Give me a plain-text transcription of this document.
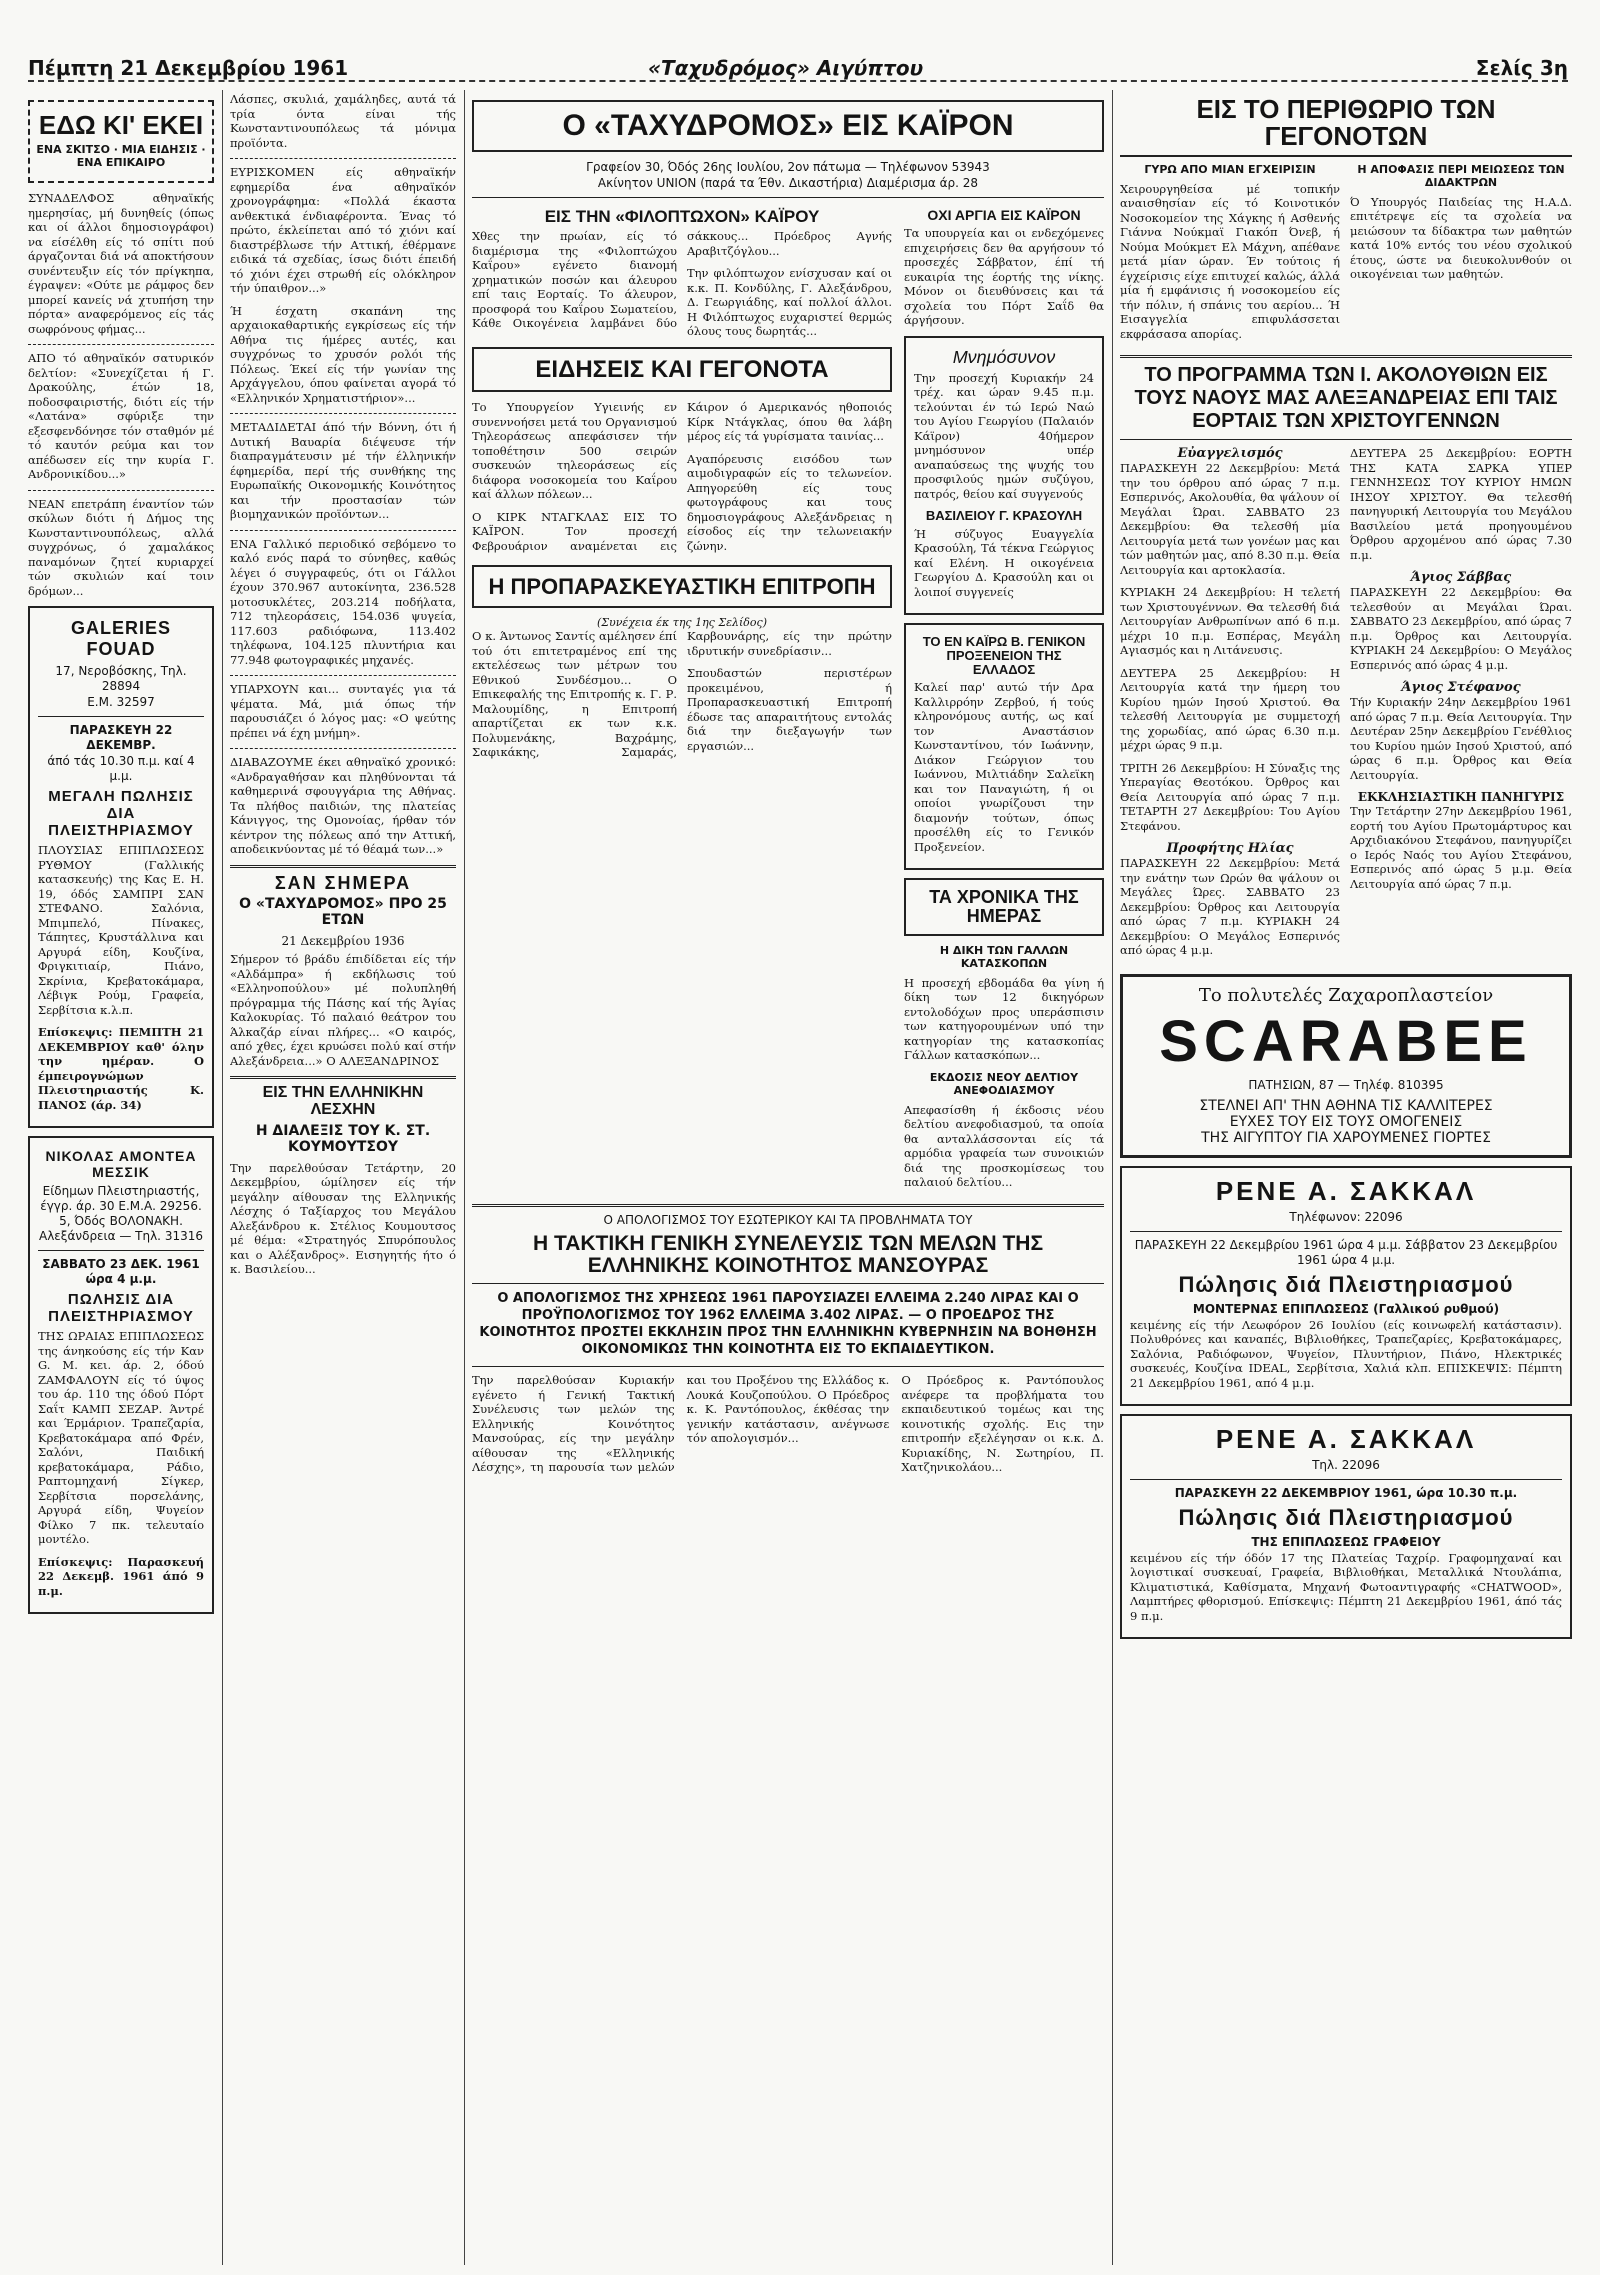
Πέμπτη 21 Δεκεμβρίου 1961	«Ταχυδρόμος» Αιγύπτου	Σελίς 3η
ΕΔΩ ΚΙ' ΕΚΕΙ
ΕΝΑ ΣΚΙΤΣΟ · ΜΙΑ ΕΙΔΗΣΙΣ · ΕΝΑ ΕΠΙΚΑΙΡΟ

ΣΥΝΑΔΕΛΦΟΣ αθηναϊκής ημερησίας, μή δυνηθείς (όπως και οί άλλοι δημοσιογράφοι) να είσέλθη είς τό σπίτι πού άργαζονται διά νά αποκτήσουν συνέντευξιν είς τόν πρίγκηπα, έγραψεν: «Ούτε με ράμφος δεν μπορεί κανείς νά χτυπήση την πόρτα» αναφερόμενος είς τάς σωφρόνους φήμας...

ΑΠΟ τό αθηναϊκόν σατυρικόν δελτίον: «Συνεχίζεται ή Γ. Δρακούλης, έτών 18, ποδοσφαιριστής, διότι είς τήν «Λατάνα» σφύριξε την εξεσφενδόνησε τόν σταθμόν μέ τό καυτόν ρεύμα και τον απέδωσεν είς την κυρία Γ. Ανδρονικίδου...»

ΝΕΑΝ επετράπη έναντίον τών σκύλων διότι ή Δήμος της Κωνσταντινουπόλεως, αλλά συγχρόνως, ό χαμαλάκος παναμόνων ζητεί κυριαρχεί τών σκυλιών καί τοιν δρόμων...

GALERIES FOUAD
17, Νεροβόσκης, Τηλ. 28894
Ε.Μ. 32597
ΠΑΡΑΣΚΕΥΗ 22 ΔΕΚΕΜΒΡ.
άπό τάς 10.30 π.μ. καί 4 μ.μ.
ΜΕΓΑΛΗ ΠΩΛΗΣΙΣ ΔΙΑ ΠΛΕΙΣΤΗΡΙΑΣΜΟΥ

ΠΛΟΥΣΙΑΣ ΕΠΙΠΛΩΣΕΩΣ ΡΥΘΜΟΥ (Γαλλικής κατασκευής) της Κας Ε. Η. 19, όδός ΣΑΜΠΡΙ ΣΑΝ ΣΤΕΦΑΝΟ. Σαλόνια, Μπιμπελό, Πίνακες, Τάπητες, Κρυστάλλινα και Αργυρά είδη, Κουζίνα, Φριγκιτιαίρ, Πιάνο, Σκρίνια, Κρεβατοκάμαρα, Λέβιγκ Ρούμ, Γραφεία, Σερβίτσια κ.λ.π.

Επίσκεψις: ΠΕΜΠΤΗ 21 ΔΕΚΕΜΒΡΙΟΥ καθ' όλην την ημέραν. Ο έμπειρογνώμων Πλειστηριαστής Κ. ΠΑΝΟΣ (άρ. 34)

ΝΙΚΟΛΑΣ ΑΜΟΝΤΕΑ ΜΕΣΣΙΚ
Είδημων Πλειστηριαστής, έγγρ. άρ. 30 Ε.Μ.Α. 29256. 5, Όδός ΒΟΛΟΝΑΚΗ. Αλεξάνδρεια — Τηλ. 31316
ΣΑΒΒΑΤΟ 23 ΔΕΚ. 1961 ώρα 4 μ.μ.
ΠΩΛΗΣΙΣ ΔΙΑ ΠΛΕΙΣΤΗΡΙΑΣΜΟΥ

ΤΗΣ ΩΡΑΙΑΣ ΕΠΙΠΛΩΣΕΩΣ της άνηκούσης είς τήν Καν G. M. κει. άρ. 2, όδού ΖΑΜΦΑΛΟΥΝ είς τό ύψος του άρ. 110 της όδού Πόρτ Σαΐτ ΚΑΜΠ ΣΕΖΑΡ. Άντρέ και Έρμάριον. Τραπεζαρία, Κρεβατοκάμαρα από Φρέν, Σαλόνι, Παιδική κρεβατοκάμαρα, Ράδιο, Ραπτομηχανή Σίγκερ, Σερβίτσια πορσελάνης, Αργυρά είδη, Ψυγείον Φίλκο 7 πκ. τελευταίο μοντέλο.

Επίσκεψις: Παρασκευή 22 Δεκεμβ. 1961 άπό 9 π.μ.

Λάσπες, σκυλιά, χαμάληδες, αυτά τά τρία όντα είναι τής Κωνσταντινουπόλεως τά μόνιμα προϊόντα.

ΕΥΡΙΣΚΟΜΕΝ είς αθηναϊκήν εφημερίδα ένα αθηναϊκόν χρονογράφημα: «Πολλά έκαστα ανθεκτικά ένδιαφέροντα. Ένας τό πρώτο, έκλείπεται από τό χιόνι καί διαστρέβλωσε τήν Αττική, έθέρμανε ειδικά τά σχεδίας, ίσως διότι έπειδή τό χιόνι έχει στρωθή είς ολόκληρον τήν ύπαιθρον...»

Ή έσχατη σκαπάνη της αρχαιοκαθαρτικής εγκρίσεως είς τήν Αθήνα τις ήμέρες αυτές, και συγχρόνως το χρυσόν ρολόι τής Πόλεως. Έκεί είς τήν γωνίαν της Αρχάγγελου, όπου φαίνεται αγορά τό «Ελληνικόν Χρηματιστήριον»...

ΜΕΤΑΔΙΔΕΤΑΙ άπό τήν Βόννη, ότι ή Δυτική Βαυαρία διέψευσε τήν διαπραγμάτευσιν μέ τήν έλληνικήν έφημερίδα, περί τής συνθήκης της Ευρωπαϊκής Οικονομικής Κοινότητος και τήν προστασίαν τών βιομηχανικών προϊόντων...

ΕΝΑ Γαλλικό περιοδικό σεβόμενο το καλό ενός παρά το σύνηθες, καθώς λέγει ό συγγραφεύς, ότι οι Γάλλοι έχουν 370.967 αυτοκίνητα, 236.528 μοτοσυκλέτες, 203.214 ποδήλατα, 712 τηλεοράσεις, 154.036 ψυγεία, 117.603 ραδιόφωνα, 113.402 τηλέφωνα, 104.125 πλυντήρια και 77.948 φωτογραφικές μηχανές.

ΥΠΑΡΧΟΥΝ και... συνταγές για τά ψέματα. Μά, μιά όπως τήν παρουσιάζει ό λόγος μας: «Ο ψεύτης πρέπει νά έχη μνήμη».

ΔΙΑΒΑΖΟΥΜΕ έκει αθηναϊκό χρονικό: «Ανδραγαθήσαν και πληθύνονται τά καθημερινά σφουγγάρια της Αθήνας. Τα πλήθος παιδιών, της πλατείας Κάνιγγος, της Ομονοίας, ήρθαν τόν κέντρον της πόλεως από την Αττική, αποδεικνύοντας μέ τό θέαμά των...»

ΣΑΝ ΣΗΜΕΡΑ
Ο «ΤΑΧΥΔΡΟΜΟΣ» ΠΡΟ 25 ΕΤΩΝ
21 Δεκεμβρίου 1936

Σήμερον τό βράδυ έπιδίδεται είς τήν «Αλδάμπρα» ή εκδήλωσις τού «Ελληνοπούλου» μέ πολυπληθή πρόγραμμα τής Πάσης καί τής Άγίας Καλοκυρίας. Τό παλαιό θεάτρον του Άλκαζάρ είναι πλήρες... «Ο καιρός, από χθες, έχει κρυώσει πολύ καί στήν Αλεξάνδρεια...» Ο ΑΛΕΞΑΝΔΡΙΝΟΣ

ΕΙΣ ΤΗΝ ΕΛΛΗΝΙΚΗΝ ΛΕΣΧΗΝ
Η ΔΙΑΛΕΞΙΣ ΤΟΥ Κ. ΣΤ. ΚΟΥΜΟΥΤΣΟΥ

Την παρελθούσαν Τετάρτην, 20 Δεκεμβρίου, ώμίλησεν είς τήν μεγάλην αίθουσαν της Ελληνικής Λέσχης ό Ταξίαρχος του Μεγάλου Αλεξάνδρου κ. Στέλιος Κουμουτσος μέ θέμα: «Στρατηγός Σπυρόπουλος και ο Αλέξανδρος». Εισηγητής ήτο ό κ. Βασιλείου...

Ο «ΤΑΧΥΔΡΟΜΟΣ» ΕΙΣ ΚΑΪΡΟΝ
Γραφείον 30, Όδός 26ης Ιουλίου, 2ον πάτωμα — Τηλέφωνον 53943
Ακίνητον UNION (παρά τα Έθν. Δικαστήρια) Διαμέρισμα άρ. 28
ΕΙΣ ΤΗΝ «ΦΙΛΟΠΤΩΧΟΝ» ΚΑΪΡΟΥ

Χθες την πρωίαν, είς τό διαμέρισμα της «Φιλοπτώχου Καΐρου» εγένετο διανομή χρηματικών ποσών και άλευρου επί ταις Εορταίς. Το άλευρον, προσφορά του Καΐρου Σωματείου, Κάθε Οικογένεια λαμβάνει δύο σάκκους... Πρόεδρος Αγνής Αραβιτζόγλου...

Την φιλόπτωχον ενίσχυσαν καί οι κ.κ. Π. Κονδύλης, Γ. Αλεξάνδρου, Δ. Γεωργιάδης, καί πολλοί άλλοι. Η Φιλόπτωχος ευχαριστεί θερμώς όλους τους δωρητάς...

ΕΙΔΗΣΕΙΣ ΚΑΙ ΓΕΓΟΝΟΤΑ

Το Υπουργείον Υγιεινής εν συνεννοήσει μετά του Οργανισμού Τηλεοράσεως απεφάσισεν τήν τοποθέτησιν 500 σειρών συσκευών τηλεοράσεως είς διάφορα νοσοκομεία του Καΐρου καί άλλων πόλεων...

Ο ΚΙΡΚ ΝΤΑΓΚΛΑΣ ΕΙΣ ΤΟ ΚΑΪΡΟΝ. Τον προσεχή Φεβρουάριον αναμένεται εις Κάιρον ό Αμερικανός ηθοποιός Κίρκ Ντάγκλας, όπου θα λάβη μέρος είς τά γυρίσματα ταινίας...

Αγαπόρευσις εισόδου των αιμοδιγραφών είς το τελωνείον. Απηγορεύθη είς τους φωτογράφους και τους δημοσιογράφους Αλεξάνδρειας η είσοδος είς την τελωνειακήν ζώνην.

Η ΠΡΟΠΑΡΑΣΚΕΥΑΣΤΙΚΗ ΕΠΙΤΡΟΠΗ
(Συνέχεια έκ της 1ης Σελίδος)

Ο κ. Άντωνος Σαντίς αμέλησεν έπί τού ότι επιτετραμένος επί της εκτελέσεως των μέτρων του Εθνικού Συνδέσμου... Ο Επικεφαλής της Επιτροπής κ. Γ. Ρ. Μαλουμίδης, η Επιτροπή απαρτίζεται εκ των κ.κ. Πολυμενάκης, Βαχράμης, Σαφικάκης, Σαμαράς, Καρβουνάρης, είς την πρώτην ιδρυτικήν συνεδρίασιν...

Σπουδαστών περιστέρων προκειμένου, ή Προπαρασκευαστική Επιτροπή έδωσε τας απαραιτήτους εντολάς διά την διεξαγωγήν των εργασιών...

ΟΧΙ ΑΡΓΙΑ ΕΙΣ ΚΑΪΡΟΝ

Τα υπουργεία και οι ενδεχόμενες επιχειρήσεις δεν θα αργήσουν τό προσεχές Σάββατον, έπί τή ευκαιρία της έορτής της νίκης. Μόνον οι διευθύνσεις και τά σχολεία του Πόρτ Σαΐδ θα άργήσουν.

Μνημόσυνον

Την προσεχή Κυριακήν 24 τρέχ. και ώραν 9.45 π.μ. τελούνται έν τώ Ιερώ Ναώ του Αγίου Γεωργίου (Παλαιόν Κάϊρον) 40ήμερον μνημόσυνον υπέρ αναπαύσεως της ψυχής του προσφιλούς ημών συζύγου, πατρός, θείου καί συγγενούς

ΒΑΣΙΛΕΙΟΥ Γ. ΚΡΑΣΟΥΛΗ

Ή σύζυγος Ευαγγελία Κρασούλη, Τά τέκνα Γεώργιος καί Ελένη. Η οικογένεια Γεωργίου Δ. Κρασούλη και οι λοιποί συγγενείς

ΤΟ ΕΝ ΚΑΪΡΩ Β. ΓΕΝΙΚΟΝ ΠΡΟΞΕΝΕΙΟΝ ΤΗΣ ΕΛΛΑΔΟΣ

Καλεί παρ' αυτώ τήν Δρα Καλλιρρόην Ζερβού, ή τούς κληρονόμους αυτής, ως καί τον Αναστάσιον Κωνσταντίνου, τόν Ιωάννην, Διάκον Γεώργιον του Ιωάννου, Μιλτιάδην Σαλεϊκη και τον Παναγιώτη, ή οι οποίοι γνωρίζουσι την διαμονήν τούτων, όπως προσέλθη είς το Γενικόν Προξενείον.

ΤΑ ΧΡΟΝΙΚΑ ΤΗΣ ΗΜΕΡΑΣ
Η ΔΙΚΗ ΤΩΝ ΓΑΛΛΩΝ ΚΑΤΑΣΚΟΠΩΝ

Η προσεχή εβδομάδα θα γίνη ή δίκη των 12 δικηγόρων εντολοδόχων προς υπεράσπισιν των κατηγορουμένων υπό την κατηγορίαν της κατασκοπίας Γάλλων κατασκόπων...

ΕΚΔΟΣΙΣ ΝΕΟΥ ΔΕΛΤΙΟΥ ΑΝΕΦΟΔΙΑΣΜΟΥ

Απεφασίσθη ή έκδοσις νέου δελτίου ανεφοδιασμού, τα οποία θα ανταλλάσσονται είς τά αρμόδια γραφεία των συνοικιών διά της προσκομίσεως του παλαιού δελτίου...

Ο ΑΠΟΛΟΓΙΣΜΟΣ ΤΟΥ ΕΣΩΤΕΡΙΚΟΥ ΚΑΙ ΤΑ ΠΡΟΒΛΗΜΑΤΑ ΤΟΥ
Η ΤΑΚΤΙΚΗ ΓΕΝΙΚΗ ΣΥΝΕΛΕΥΣΙΣ ΤΩΝ ΜΕΛΩΝ ΤΗΣ ΕΛΛΗΝΙΚΗΣ ΚΟΙΝΟΤΗΤΟΣ ΜΑΝΣΟΥΡΑΣ

Ο ΑΠΟΛΟΓΙΣΜΟΣ ΤΗΣ ΧΡΗΣΕΩΣ 1961 ΠΑΡΟΥΣΙΑΖΕΙ ΕΛΛΕΙΜΑ 2.240 ΛΙΡΑΣ ΚΑΙ Ο ΠΡΟΫΠΟΛΟΓΙΣΜΟΣ ΤΟΥ 1962 ΕΛΛΕΙΜΑ 3.402 ΛΙΡΑΣ. — Ο ΠΡΟΕΔΡΟΣ ΤΗΣ ΚΟΙΝΟΤΗΤΟΣ ΠΡΟΣΤΕΙ ΕΚΚΛΗΣΙΝ ΠΡΟΣ ΤΗΝ ΕΛΛΗΝΙΚΗΝ ΚΥΒΕΡΝΗΣΙΝ ΝΑ ΒΟΗΘΗΣΗ ΟΙΚΟΝΟΜΙΚΩΣ ΤΗΝ ΚΟΙΝΟΤΗΤΑ ΕΙΣ ΤΟ ΕΚΠΑΙΔΕΥΤΙΚΟΝ.

Την παρελθούσαν Κυριακήν εγένετο ή Γενική Τακτική Συνέλευσις των μελών της Ελληνικής Κοινότητος Μανσούρας, είς την μεγάλην αίθουσαν της «Ελληνικής Λέσχης», τη παρουσία των μελών και του Προξένου της Ελλάδος κ. Λουκά Κουζοπούλου. Ο Πρόεδρος κ. Κ. Ραντόπουλος, έκθέσας την γενικήν κατάστασιν, ανέγνωσε τόν απολογισμόν...

Ο Πρόεδρος κ. Ραντόπουλος ανέφερε τα προβλήματα του εκπαιδευτικού τομέως και της κοινοτικής σχολής. Εις την επιτροπήν εξελέγησαν οι κ.κ. Δ. Κυριακίδης, Ν. Σωτηρίου, Π. Χατζηνικολάου...

ΕΙΣ ΤΟ ΠΕΡΙΘΩΡΙΟ ΤΩΝ ΓΕΓΟΝΟΤΩΝ
ΓΥΡΩ ΑΠΟ ΜΙΑΝ ΕΓΧΕΙΡΙΣΙΝ

Χειρουργηθείσα μέ τοπικήν αναισθησίαν είς τό Κοινοτικόν Νοσοκομείον της Χάγκης ή Ασθενής Γιάννα Νούκμαϊ Γιακόπ Όνεβ, ή Νούμα Μούκμετ Ελ Μάχνη, απέθανε μετά μίαν ώραν. Έν τούτοις ή έγχείρισις είχε επιτυχεί καλώς, άλλά μία ή εμφάνισις ή νοσοκομείου είς τήν πόλιν, ή σπάνις του αερίου... Ή Εισαγγελία επιφυλάσσεται εκφράσασα απορίας.

Η ΑΠΟΦΑΣΙΣ ΠΕΡΙ ΜΕΙΩΣΕΩΣ ΤΩΝ ΔΙΔΑΚΤΡΩΝ

Ό Υπουργός Παιδείας της Η.Α.Δ. επιτέτρεψε είς τα σχολεία να μειώσουν τα δίδακτρα των μαθητών κατά 10% εντός του νέου σχολικού έτους, ώστε να διευκολυνθούν οι οικογένειαι των μαθητών.

ΤΟ ΠΡΟΓΡΑΜΜΑ ΤΩΝ Ι. ΑΚΟΛΟΥΘΙΩΝ ΕΙΣ ΤΟΥΣ ΝΑΟΥΣ ΜΑΣ ΑΛΕΞΑΝΔΡΕΙΑΣ ΕΠΙ ΤΑΙΣ ΕΟΡΤΑΙΣ ΤΩΝ ΧΡΙΣΤΟΥΓΕΝΝΩΝ
Εὐαγγελισμός

ΠΑΡΑΣΚΕΥΗ 22 Δεκεμβρίου: Μετά την του όρθρου από ώρας 7 π.μ. Εσπερινός, Ακολουθία, θα ψάλουν οί Μεγάλαι Ώραι. ΣΑΒΒΑΤΟ 23 Δεκεμβρίου: Θα τελεσθή μία Λειτουργία μετά των γονέων μας και τών μαθητών μας, από 8.30 π.μ. Θεία Λειτουργία και αρτοκλασία.

ΚΥΡΙΑΚΗ 24 Δεκεμβρίου: Η τελετή των Χριστουγέννων. Θα τελεσθή διά Λειτουργίαν Ανθρωπίνων από 6 π.μ. μέχρι 10 π.μ. Εσπέρας, Μεγάλη Αγιασμός και η Λιτάνευσις.

ΔΕΥΤΕΡΑ 25 Δεκεμβρίου: Η Λειτουργία κατά την ήμερη του Κυρίου ημών Ιησού Χριστού. Θα τελεσθή Λειτουργία με συμμετοχή της χορωδίας, από ώρας 6.30 π.μ. μέχρι ώρας 9 π.μ.

ΤΡΙΤΗ 26 Δεκεμβρίου: Η Σύναξις της Υπεραγίας Θεοτόκου. Όρθρος και Θεία Λειτουργία από ώρας 7 π.μ. ΤΕΤΑΡΤΗ 27 Δεκεμβρίου: Του Αγίου Στεφάνου.

Προφήτης Ηλίας

ΠΑΡΑΣΚΕΥΗ 22 Δεκεμβρίου: Μετά την ενάτην των Ωρών θα ψάλουν οι Μεγάλες Ώρες. ΣΑΒΒΑΤΟ 23 Δεκεμβρίου: Όρθρος και Λειτουργία από ώρας 7 π.μ. ΚΥΡΙΑΚΗ 24 Δεκεμβρίου: Ο Μεγάλος Εσπερινός από ώρας 4 μ.μ.

ΔΕΥΤΕΡΑ 25 Δεκεμβρίου: ΕΟΡΤΗ ΤΗΣ ΚΑΤΑ ΣΑΡΚΑ ΥΠΕΡ ΓΕΝΝΗΣΕΩΣ ΤΟΥ ΚΥΡΙΟΥ ΗΜΩΝ ΙΗΣΟΥ ΧΡΙΣΤΟΥ. Θα τελεσθή πανηγυρική Λειτουργία του Μεγάλου Βασιλείου μετά προηγουμένου Όρθρου αρχομένου από ώρας 7.30 π.μ.

Άγιος Σάββας

ΠΑΡΑΣΚΕΥΗ 22 Δεκεμβρίου: Θα τελεσθούν αι Μεγάλαι Ώραι. ΣΑΒΒΑΤΟ 23 Δεκεμβρίου, από ώρας 7 π.μ. Όρθρος και Λειτουργία. ΚΥΡΙΑΚΗ 24 Δεκεμβρίου: Ο Μεγάλος Εσπερινός από ώρας 4 μ.μ.

Άγιος Στέφανος

Τήν Κυριακήν 24ην Δεκεμβρίου 1961 από ώρας 7 π.μ. Θεία Λειτουργία. Την Δευτέραν 25ην Δεκεμβρίου Γενέθλιος του Κυρίου ημών Ιησού Χριστού, από ώρας 6 π.μ. Όρθρος και Θεία Λειτουργία.

ΕΚΚΛΗΣΙΑΣΤΙΚΗ ΠΑΝΗΓΥΡΙΣ

Την Τετάρτην 27ην Δεκεμβρίου 1961, εορτή του Αγίου Πρωτομάρτυρος και Αρχιδιακόνου Στεφάνου, πανηγυρίζει ο Ιερός Ναός του Αγίου Στεφάνου, Εσπερινός από ώρας 5 μ.μ. Θεία Λειτουργία από ώρας 7 π.μ.

Το πολυτελές Ζαχαροπλαστείον
SCARABEE
ΠΑΤΗΣΙΩΝ, 87 — Τηλέφ. 810395
ΣΤΕΛΝΕΙ ΑΠ' ΤΗΝ ΑΘΗΝΑ ΤΙΣ ΚΑΛΛΙΤΕΡΕΣ
ΕΥΧΕΣ ΤΟΥ ΕΙΣ ΤΟΥΣ ΟΜΟΓΕΝΕΙΣ
ΤΗΣ ΑΙΓΥΠΤΟΥ ΓΙΑ ΧΑΡΟΥΜΕΝΕΣ ΓΙΟΡΤΕΣ
ΡΕΝΕ Α. ΣΑΚΚΑΛ
Τηλέφωνον: 22096
ΠΑΡΑΣΚΕΥΗ 22 Δεκεμβρίου 1961 ώρα 4 μ.μ. Σάββατον 23 Δεκεμβρίου 1961 ώρα 4 μ.μ.
Πώλησις διά Πλειστηριασμού
ΜΟΝΤΕΡΝΑΣ ΕΠΙΠΛΩΣΕΩΣ (Γαλλικού ρυθμού)

κειμένης είς τήν Λεωφόρον 26 Ιουλίου (είς κοινωφελή κατάστασιν). Πολυθρόνες και καναπές, Βιβλιοθήκες, Τραπεζαρίες, Κρεβατοκάμαρες, Σαλόνια, Ραδιόφωνον, Ψυγείον, Πλυντήριον, Πιάνο, Ηλεκτρικές συσκευές, Κουζίνα ΙDEAL, Σερβίτσια, Χαλιά κλπ. ΕΠΙΣΚΕΨΙΣ: Πέμπτη 21 Δεκεμβρίου 1961, από 4 μ.μ.

ΡΕΝΕ Α. ΣΑΚΚΑΛ
Τηλ. 22096
ΠΑΡΑΣΚΕΥΗ 22 ΔΕΚΕΜΒΡΙΟΥ 1961, ώρα 10.30 π.μ.
Πώλησις διά Πλειστηριασμού
ΤΗΣ ΕΠΙΠΛΩΣΕΩΣ ΓΡΑΦΕΙΟΥ

κειμένου είς τήν όδόν 17 της Πλατείας Ταχρίρ. Γραφομηχαναί και λογιστικαί συσκευαί, Γραφεία, Βιβλιοθήκαι, Μεταλλικά Ντουλάπια, Κλιματιστικά, Καθίσματα, Μηχανή Φωτοαντιγραφής «CHATWOOD», Λαμπτήρες φθορισμού. Επίσκεψις: Πέμπτη 21 Δεκεμβρίου 1961, άπό τάς 9 π.μ.
